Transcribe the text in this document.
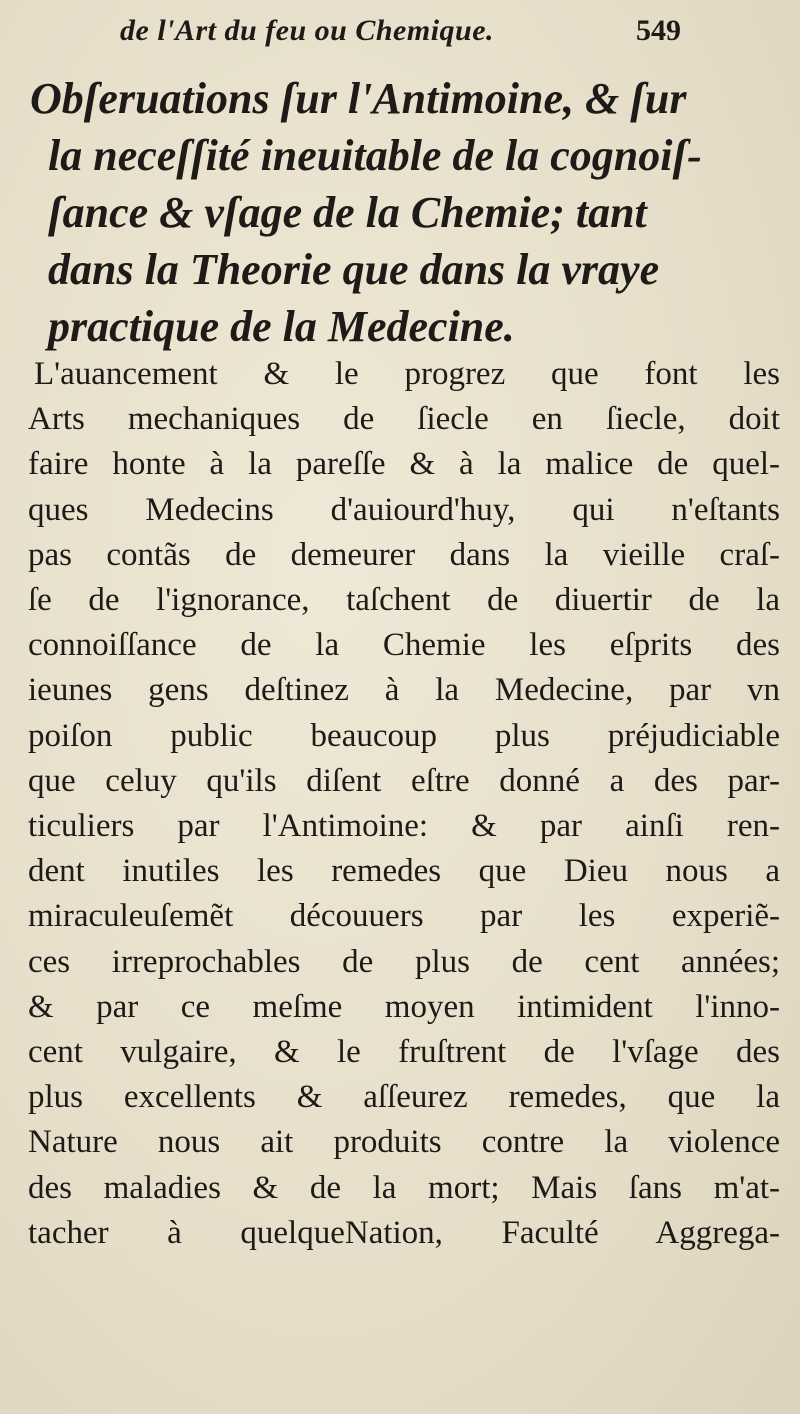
de l'Art du feu ou Chemique.	549
Obſeruations ſur l'Antimoine, & ſur
la neceſſité ineuitable de la cognoiſ-
ſance & vſage de la Chemie; tant
dans la Theorie que dans la vraye
practique de la Medecine.
L'auancement & le progrez que font les
Arts mechaniques de ſiecle en ſiecle, doit
faire honte à la pareſſe & à la malice de quel-
ques Medecins d'auiourd'huy, qui n'eſtants
pas contãs de demeurer dans la vieille craſ-
ſe de l'ignorance, taſchent de diuertir de la
connoiſſance de la Chemie les eſprits des
ieunes gens deſtinez à la Medecine, par vn
poiſon public beaucoup plus préjudiciable
que celuy qu'ils diſent eſtre donné a des par-
ticuliers par l'Antimoine: & par ainſi ren-
dent inutiles les remedes que Dieu nous a
miraculeuſemẽt découuers par les experiẽ-
ces irreprochables de plus de cent années;
& par ce meſme moyen intimident l'inno-
cent vulgaire, & le fruſtrent de l'vſage des
plus excellents & aſſeurez remedes, que la
Nature nous ait produits contre la violence
des maladies & de la mort; Mais ſans m'at-
tacher à quelqueNation, Faculté Aggrega-
